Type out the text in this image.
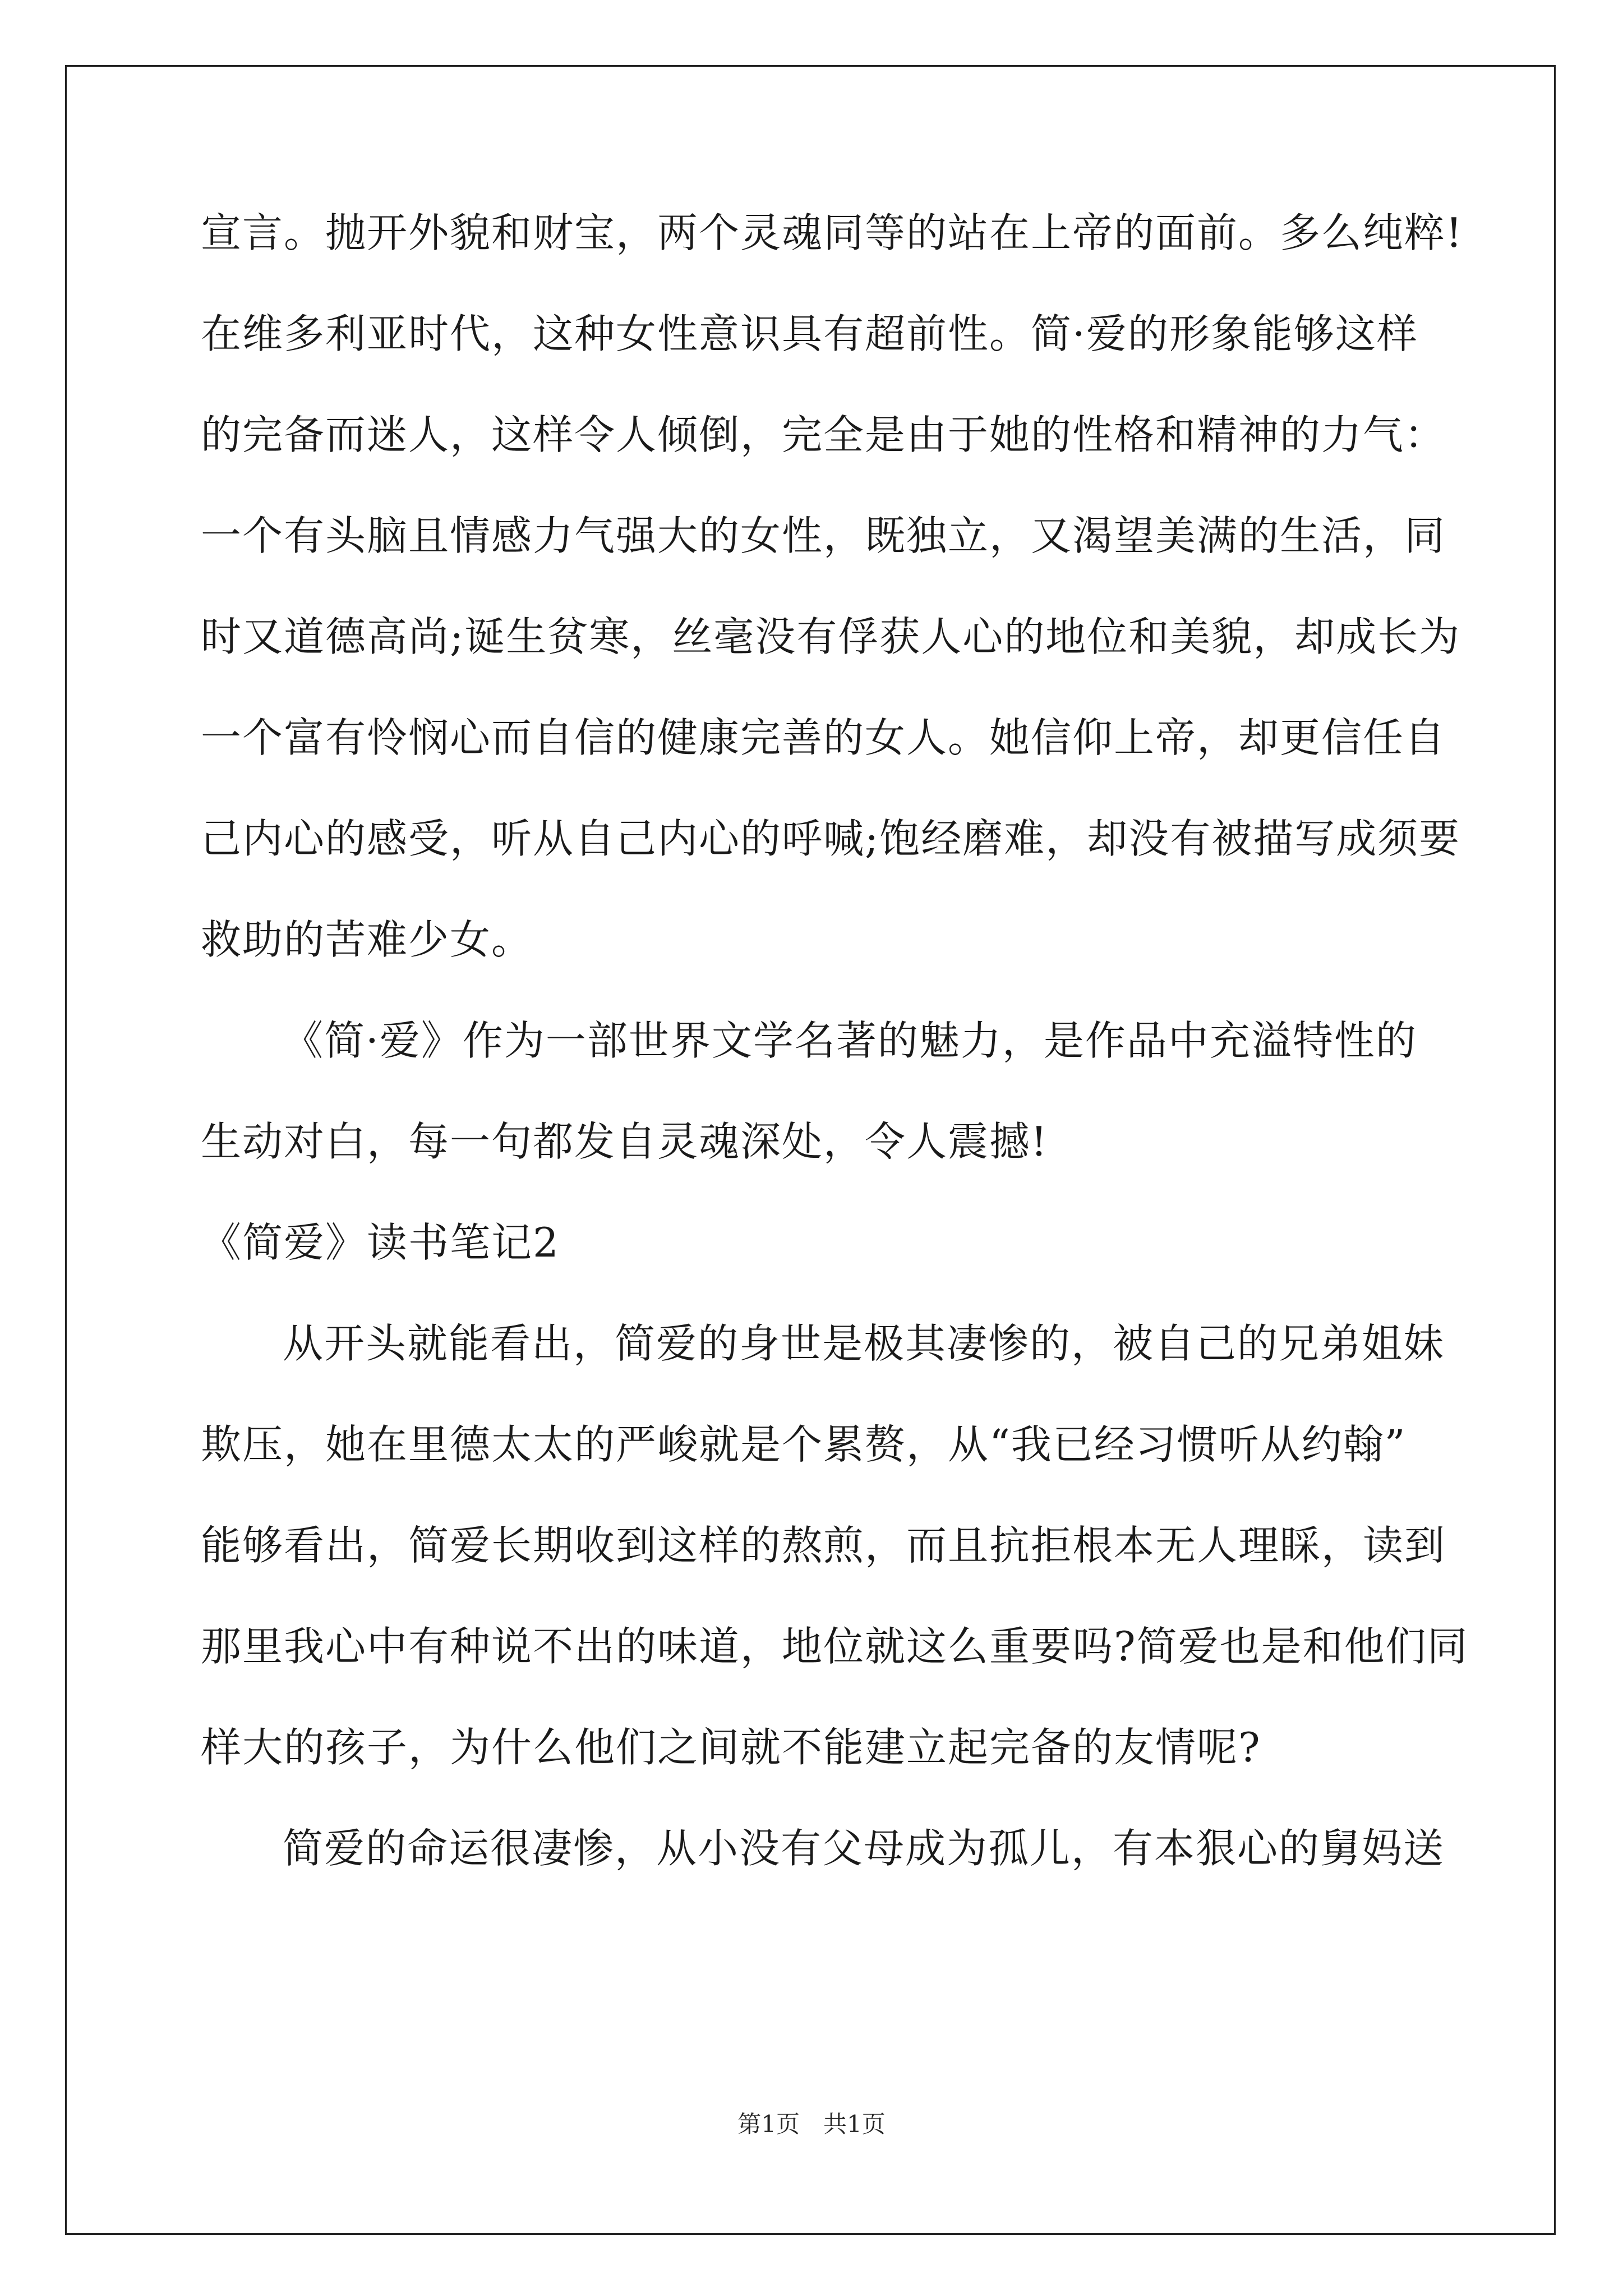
宣言。抛开外貌和财宝，两个灵魂同等的站在上帝的面前。多么纯粹!
在维多利亚时代，这种女性意识具有超前性。简·爱的形象能够这样
的完备而迷人，这样令人倾倒，完全是由于她的性格和精神的力气：
一个有头脑且情感力气强大的女性，既独立，又渴望美满的生活，同
时又道德高尚;诞生贫寒，丝毫没有俘获人心的地位和美貌，却成长为
一个富有怜悯心而自信的健康完善的女人。她信仰上帝，却更信任自
己内心的感受，听从自己内心的呼喊;饱经磨难，却没有被描写成须要
救助的苦难少女。
《简·爱》作为一部世界文学名著的魅力，是作品中充溢特性的
生动对白，每一句都发自灵魂深处，令人震撼!
《简爱》读书笔记2
从开头就能看出，简爱的身世是极其凄惨的，被自己的兄弟姐妹
欺压，她在里德太太的严峻就是个累赘，从“我已经习惯听从约翰”
能够看出，简爱长期收到这样的熬煎，而且抗拒根本无人理睬，读到
那里我心中有种说不出的味道，地位就这么重要吗?简爱也是和他们同
样大的孩子，为什么他们之间就不能建立起完备的友情呢?
简爱的命运很凄惨，从小没有父母成为孤儿，有本狠心的舅妈送
第1页　共1页
